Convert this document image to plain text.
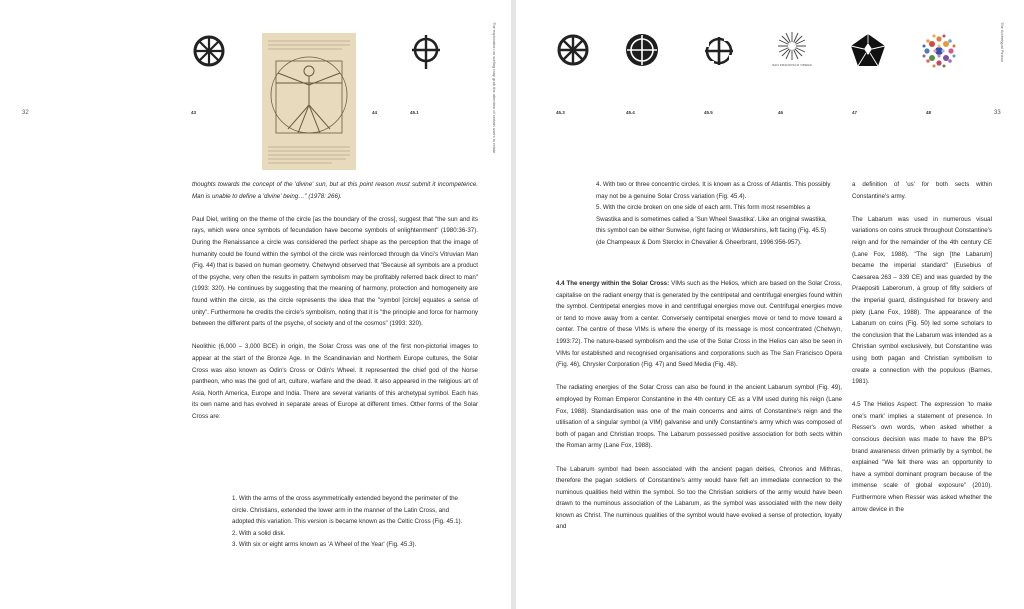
32	The exploration on surfing may grab the attention of certain users to relate
43	44	45.1

thoughts towards the concept of the 'divine' sun, but at this point reason must submit it incompetence. Man is unable to define a 'divine' being…" (1978: 266).

Paul Diel, writing on the theme of the circle [as the boundary of the cross], suggest that "the sun and its rays, which were once symbols of fecundation have become symbols of enlightenment" (1980:36-37). During the Renaissance a circle was considered the perfect shape as the perception that the image of humanity could be found within the symbol of the circle was reinforced through da Vinci's Vitruvian Man (Fig. 44) that is based on human geometry. Chetwynd observed that "Because all symbols are a product of the psyche, very often the results in pattern symbolism may be profitably referred back direct to man" (1993: 320). He continues by suggesting that the meaning of harmony, protection and homogeneity are found within the circle, as the circle represents the idea that the "symbol [circle] equates a sense of unity". Furthermore he credits the circle's symbolism, noting that it is "the principle and force for harmony between the different parts of the psyche, of society and of the cosmos" (1993: 320).

Neolithic (6,000 – 3,000 BCE) in origin, the Solar Cross was one of the first non-pictorial images to appear at the start of the Bronze Age. In the Scandinavian and Northern Europe cultures, the Solar Cross was also known as Odin's Cross or Odin's Wheel. It represented the chief god of the Norse pantheon, who was the god of art, culture, warfare and the dead. It also appeared in the religious art of Asia, North America, Europe and India. There are several variants of this archetypal symbol. Each has its own name and has evolved in separate areas of Europe at different times. Other forms of the Solar Cross are:

1. With the arms of the cross asymmetrically extended beyond the perimeter of the circle. Christians, extended the lower arm in the manner of the Latin Cross, and adopted this variation. This version is became known as the Celtic Cross (Fig. 45.1).
2. With a solid disk.
3. With six or eight arms known as 'A Wheel of the Year' (Fig. 45.3).
33
The Archetypal Pinbox
45.3	45.4	45.5
SAN FRANCISCO OPERA
46	47	48
4. With two or three concentric circles. It is known as a Cross of Atlantis. This possibly may not be a genuine Solar Cross variation (Fig. 45.4).
5. With the circle broken on one side of each arm. This form most resembles a Swastika and is sometimes called a 'Sun Wheel Swastika'. Like an original swastika, this symbol can be either Sunwise, right facing or Widdershins, left facing (Fig. 45.5)
(de Champeaux & Dom Sterckx in Chevalier & Gheerbrant, 1996:956-957).

4.4 The energy within the Solar Cross: VIMs such as the Helios, which are based on the Solar Cross, capitalise on the radiant energy that is generated by the centripetal and centrifugal energies found within the symbol. Centripetal energies move in and centrifugal energies move out. Centrifugal energies move or tend to move away from a center. Conversely centripetal energies move or tend to move toward a center. The centre of these VIMs is where the energy of its message is most concentrated (Chetwyn, 1993:72). The nature-based symbolism and the use of the Solar Cross in the Helios can also be seen in VIMs for established and recognised organisations and corporations such as The San Francisco Opera (Fig. 46), Chrysler Corporation (Fig. 47) and Seed Media (Fig. 48).

The radiating energies of the Solar Cross can also be found in the ancient Labarum symbol (Fig. 49), employed by Roman Emperor Constantine in the 4th century CE as a VIM used during his reign (Lane Fox, 1988). Standardisation was one of the main concerns and aims of Constantine's reign and the utilisation of a singular symbol (a VIM) galvanise and unify Constantine's army which was composed of both of pagan and Christian troops. The Labarum possessed positive association for both sects within the Roman army (Lane Fox, 1988).

The Labarum symbol had been associated with the ancient pagan deities, Chronos and Mithras, therefore the pagan soldiers of Constantine's army would have felt an immediate connection to the numinous qualities held within the symbol. So too the Christian soldiers of the army would have been drawn to the numinous association of the Labarum, as the symbol was associated with the new deity known as Christ. The numinous qualities of the symbol would have evoked a sense of protection, loyalty and

a definition of 'us' for both sects within Constantine's army.

The Labarum was used in numerous visual variations on coins struck throughout Constantine's reign and for the remainder of the 4th century CE (Lane Fox, 1988). "The sign [the Labarum] became the imperial standard" (Eusebius of Caesarea 263 – 339 CE) and was guarded by the Praepositi Laberorum, a group of fifty soldiers of the imperial guard, distinguished for bravery and piety (Lane Fox, 1988). The appearance of the Labarum on coins (Fig. 50) led some scholars to the conclusion that the Labarum was intended as a Christian symbol exclusively, but Constantine was using both pagan and Christian symbolism to create a connection with the populous (Barnes, 1981).

4.5 The Helios Aspect: The expression 'to make one's mark' implies a statement of presence. In Resser's own words, when asked whether a conscious decision was made to have the BP's brand awareness driven primarily by a symbol, he explained "We felt there was an opportunity to have a symbol dominant program because of the immense scale of global exposure" (2010). Furthermore when Resser was asked whether the arrow device in the
